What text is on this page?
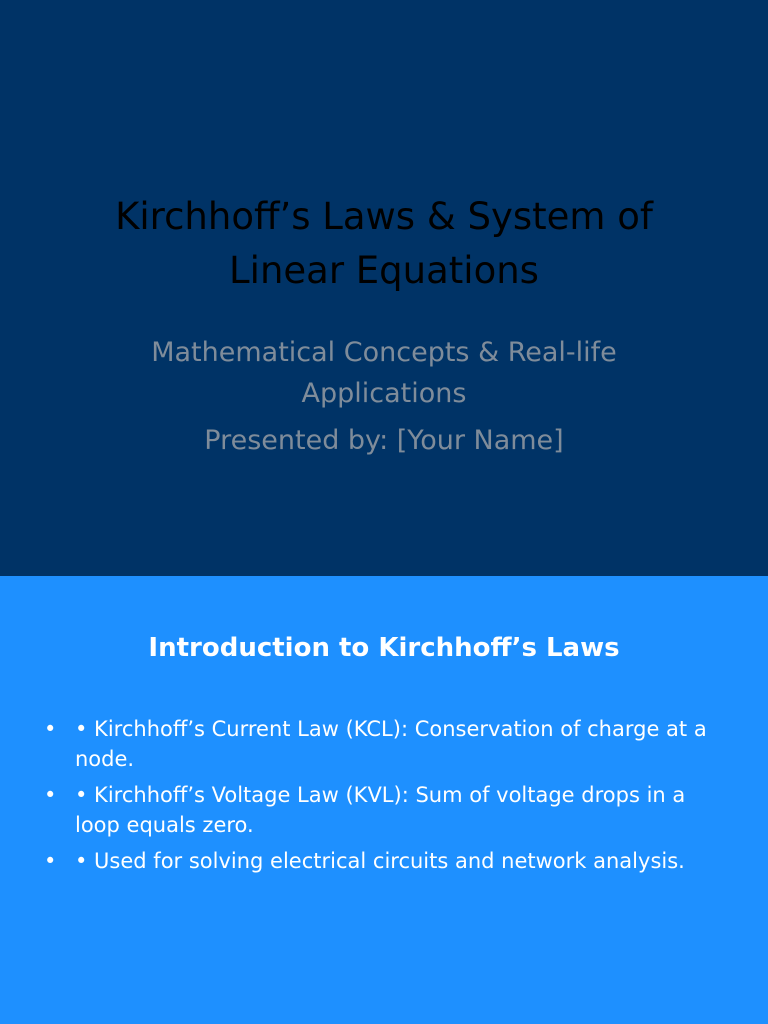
Kirchhoff’s Laws & System of
Linear Equations
Mathematical Concepts & Real-life
Applications
Presented by: [Your Name]
Introduction to Kirchhoff’s Laws
• • Kirchhoff’s Current Law (KCL): Conservation of charge at a node.
• • Kirchhoff’s Voltage Law (KVL): Sum of voltage drops in a loop equals zero.
• • Used for solving electrical circuits and network analysis.
